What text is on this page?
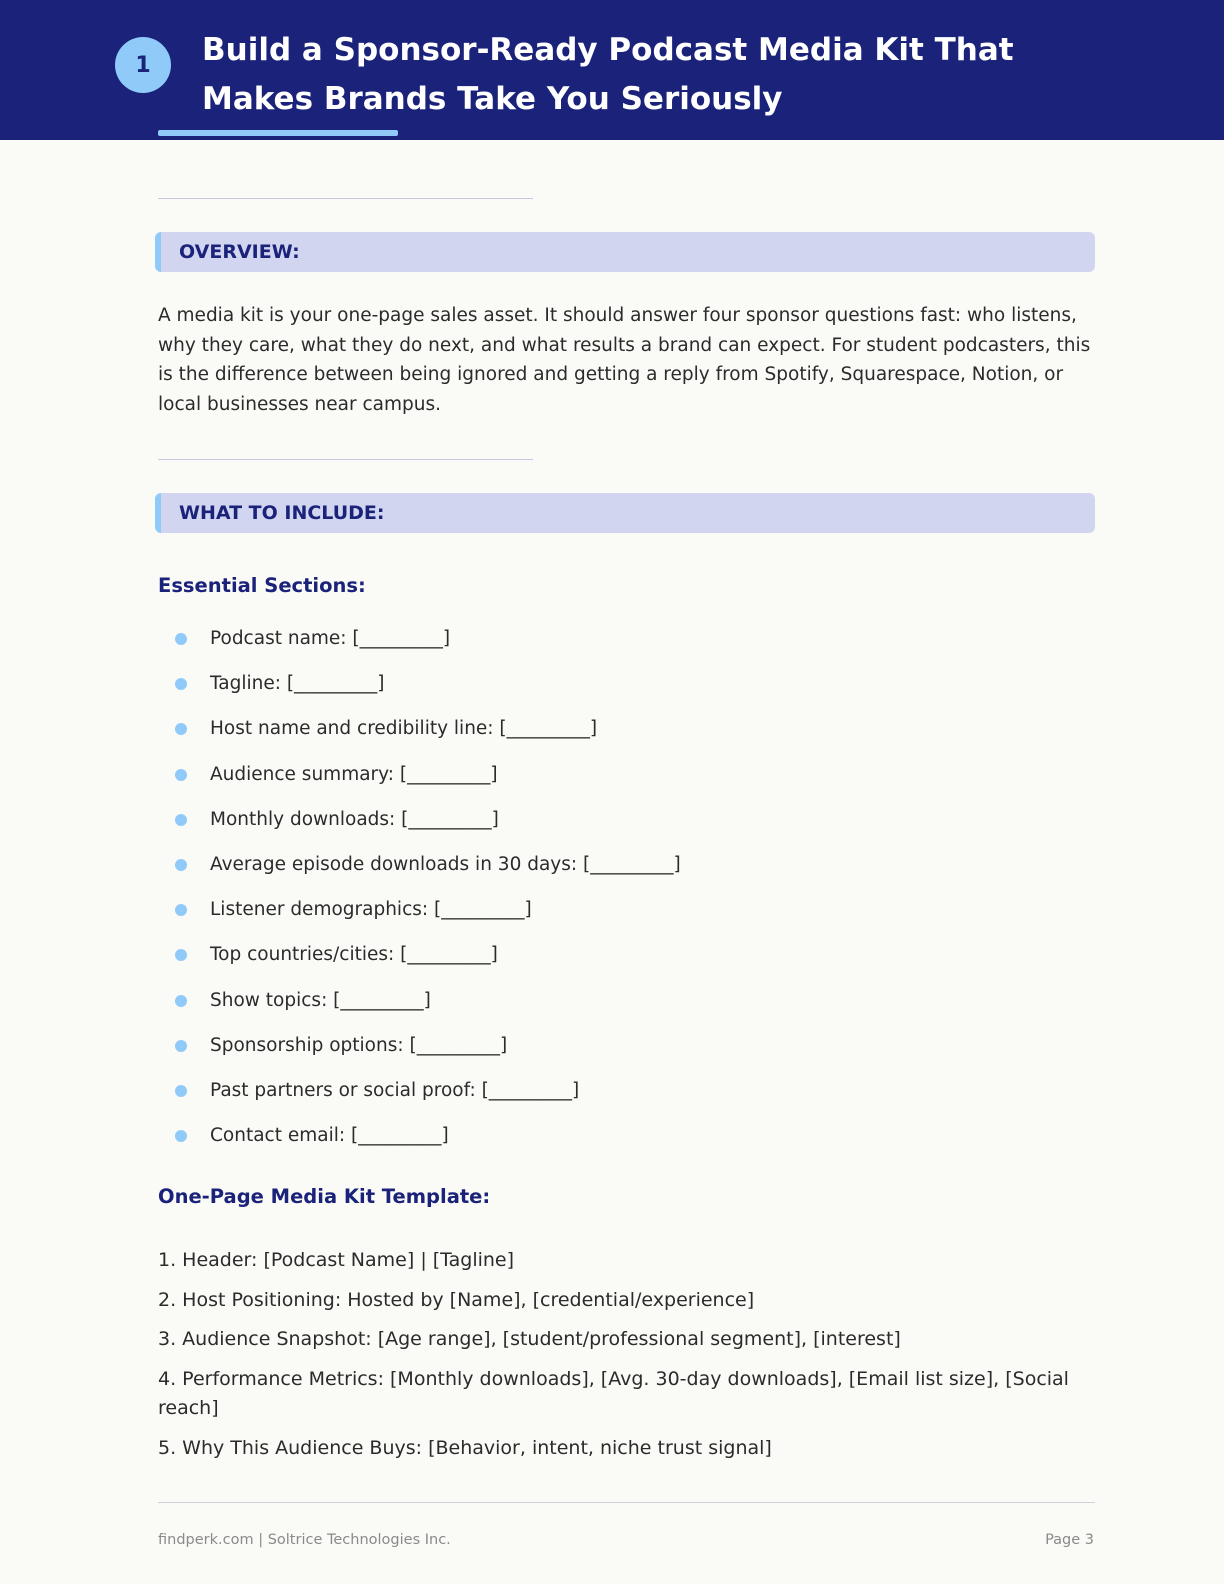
1	Build a Sponsor-Ready Podcast Media Kit That Makes Brands Take You Seriously
OVERVIEW:

A media kit is your one-page sales asset. It should answer four sponsor questions fast: who listens, why they care, what they do next, and what results a brand can expect. For student podcasters, this is the difference between being ignored and getting a reply from Spotify, Squarespace, Notion, or local businesses near campus.

WHAT TO INCLUDE:
Essential Sections:
Podcast name: [_________]
Tagline: [_________]
Host name and credibility line: [_________]
Audience summary: [_________]
Monthly downloads: [_________]
Average episode downloads in 30 days: [_________]
Listener demographics: [_________]
Top countries/cities: [_________]
Show topics: [_________]
Sponsorship options: [_________]
Past partners or social proof: [_________]
Contact email: [_________]
One-Page Media Kit Template:
1. Header: [Podcast Name] | [Tagline]
2. Host Positioning: Hosted by [Name], [credential/experience]
3. Audience Snapshot: [Age range], [student/professional segment], [interest]
4. Performance Metrics: [Monthly downloads], [Avg. 30-day downloads], [Email list size], [Social reach]
5. Why This Audience Buys: [Behavior, intent, niche trust signal]
findperk.com | Soltrice Technologies Inc.	Page 3
